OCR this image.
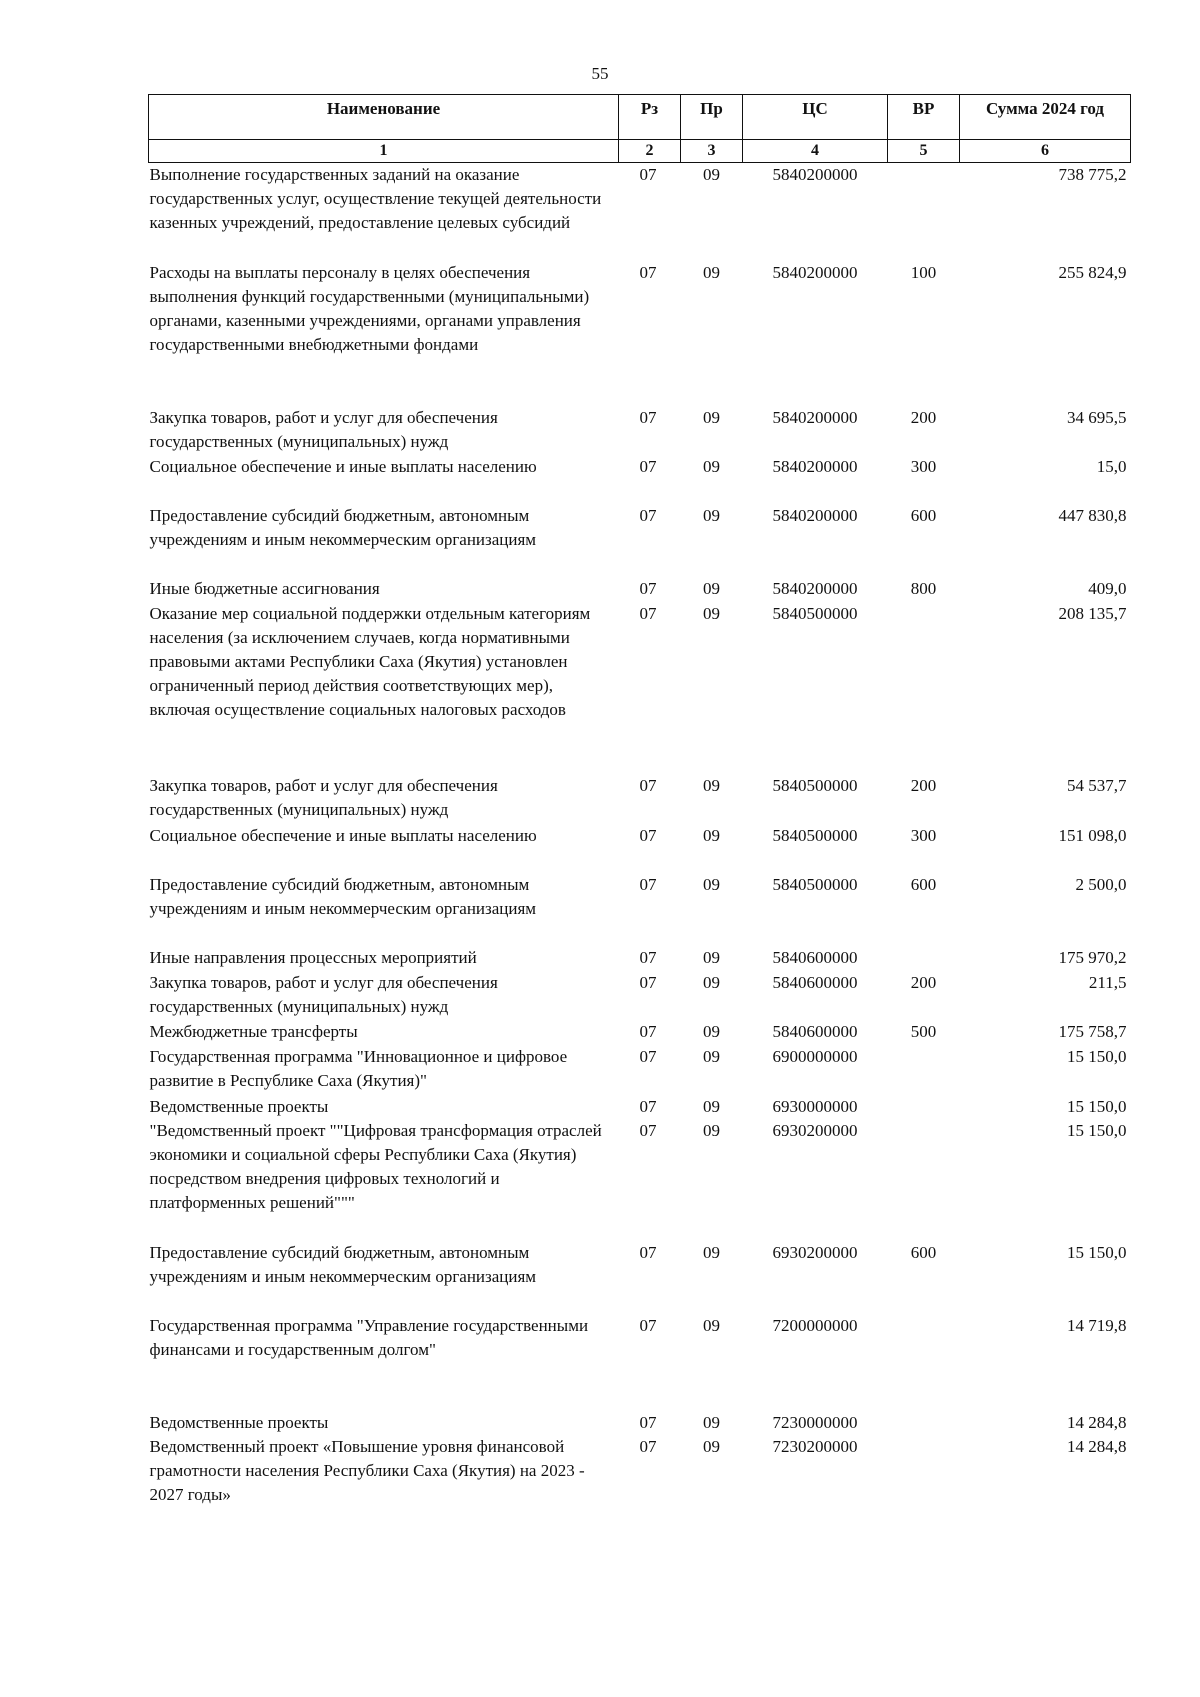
55
Наименование	Рз	Пр	ЦС	ВР	Сумма 2024 год
1	2	3	4	5	6
Выполнение государственных заданий на оказание государственных услуг, осуществление текущей деятельности казенных учреждений, предоставление целевых субсидий	07	09	5840200000		738 775,2
Расходы на выплаты персоналу в целях обеспечения выполнения функций государственными (муниципальными) органами, казенными учреждениями, органами управления государственными внебюджетными фондами	07	09	5840200000	100	255 824,9
Закупка товаров, работ и услуг для обеспечения государственных (муниципальных) нужд	07	09	5840200000	200	34 695,5
Социальное обеспечение и иные выплаты населению	07	09	5840200000	300	15,0
Предоставление субсидий бюджетным, автономным учреждениям и иным некоммерческим организациям	07	09	5840200000	600	447 830,8
Иные бюджетные ассигнования	07	09	5840200000	800	409,0
Оказание мер социальной поддержки отдельным категориям населения (за исключением случаев, когда нормативными правовыми актами Республики Саха (Якутия) установлен ограниченный период действия соответствующих мер), включая осуществление социальных налоговых расходов	07	09	5840500000		208 135,7
Закупка товаров, работ и услуг для обеспечения государственных (муниципальных) нужд	07	09	5840500000	200	54 537,7
Социальное обеспечение и иные выплаты населению	07	09	5840500000	300	151 098,0
Предоставление субсидий бюджетным, автономным учреждениям и иным некоммерческим организациям	07	09	5840500000	600	2 500,0
Иные направления процессных мероприятий	07	09	5840600000		175 970,2
Закупка товаров, работ и услуг для обеспечения государственных (муниципальных) нужд	07	09	5840600000	200	211,5
Межбюджетные трансферты	07	09	5840600000	500	175 758,7
Государственная программа "Инновационное и цифровое развитие в Республике Саха (Якутия)"	07	09	6900000000		15 150,0
Ведомственные проекты	07	09	6930000000		15 150,0
"Ведомственный проект ""Цифровая трансформация отраслей экономики и социальной сферы Республики Саха (Якутия) посредством внедрения цифровых технологий и платформенных решений"""	07	09	6930200000		15 150,0
Предоставление субсидий бюджетным, автономным учреждениям и иным некоммерческим организациям	07	09	6930200000	600	15 150,0
Государственная программа "Управление государственными финансами и государственным долгом"	07	09	7200000000		14 719,8
Ведомственные проекты	07	09	7230000000		14 284,8
Ведомственный проект «Повышение уровня финансовой грамотности населения Республики Саха (Якутия) на 2023 - 2027 годы»	07	09	7230200000		14 284,8
